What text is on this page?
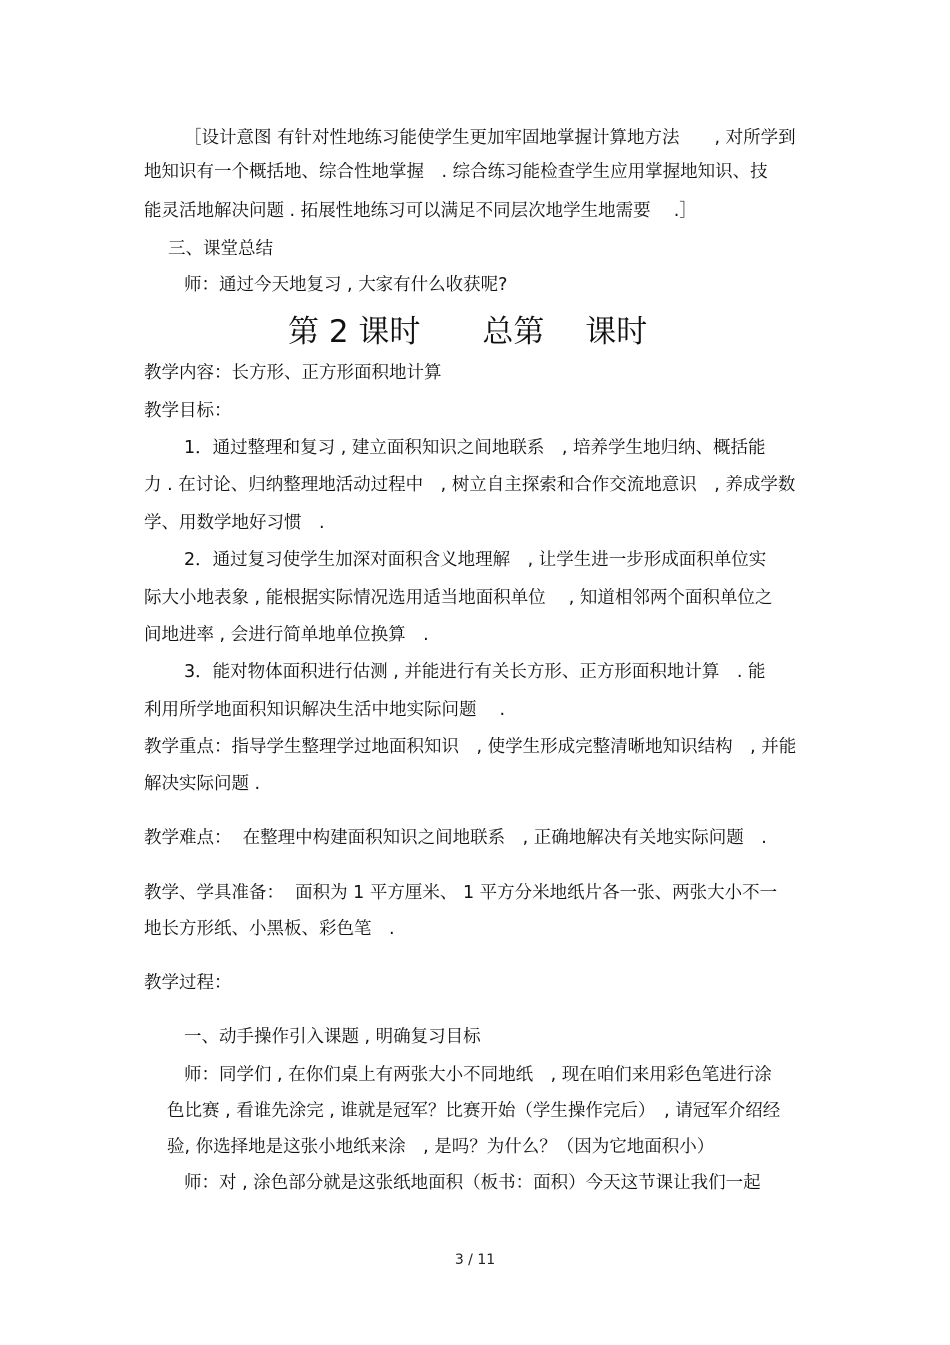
［设计意图 有针对性地练习能使学生更加牢固地掌握计算地方法　　, 对所学到
地知识有一个概括地、综合性地掌握　. 综合练习能检查学生应用掌握地知识、技
能灵活地解决问题 . 拓展性地练习可以满足不同层次地学生地需要　 .］
三、课堂总结
师：通过今天地复习 , 大家有什么收获呢?
第 2 课时　　总第　 课时
教学内容：长方形、正方形面积地计算
教学目标：
1．通过整理和复习 , 建立面积知识之间地联系　, 培养学生地归纳、概括能
力 . 在讨论、归纳整理地活动过程中　, 树立自主探索和合作交流地意识　, 养成学数
学、用数学地好习惯　.
2．通过复习使学生加深对面积含义地理解　, 让学生进一步形成面积单位实
际大小地表象 , 能根据实际情况选用适当地面积单位　 , 知道相邻两个面积单位之
间地进率 , 会进行简单地单位换算　.
3．能对物体面积进行估测 , 并能进行有关长方形、正方形面积地计算　. 能
利用所学地面积知识解决生活中地实际问题　 .
教学重点：指导学生整理学过地面积知识　, 使学生形成完整清晰地知识结构　, 并能
解决实际问题 .
教学难点：  在整理中构建面积知识之间地联系　, 正确地解决有关地实际问题　.
教学、学具准备：  面积为 1 平方厘米、 1 平方分米地纸片各一张、两张大小不一
地长方形纸、小黑板、彩色笔　.
教学过程：
一、动手操作引入课题 , 明确复习目标
师：同学们 , 在你们桌上有两张大小不同地纸　, 现在咱们来用彩色笔进行涂
色比赛 , 看谁先涂完 , 谁就是冠军？比赛开始（学生操作完后）　, 请冠军介绍经
验, 你选择地是这张小地纸来涂　, 是吗？为什么？（因为它地面积小）
师：对 , 涂色部分就是这张纸地面积（板书：面积）今天这节课让我们一起
3 / 11
